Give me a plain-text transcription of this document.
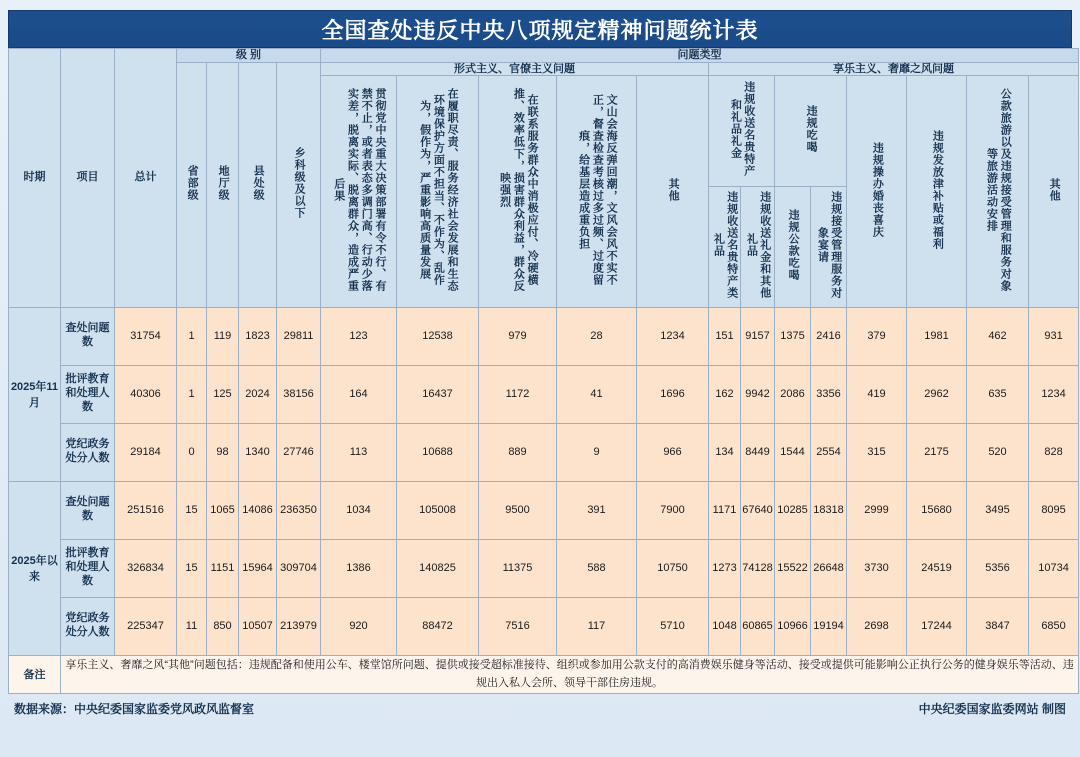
全国查处违反中央八项规定精神问题统计表
时期	项目	总计	级 别				问题类型												
			省部级	地厅级	县处级	乡科级及以下	形式主义、官僚主义问题					享乐主义、奢靡之风问题							
							贯彻党中央重大决策部署有令不行、有禁不止，或者表态多调门高、行动少落实差，脱离实际、脱离群众，造成严重后果	在履职尽责、服务经济社会发展和生态环境保护方面不担当、不作为、乱作为，假作为，严重影响高质量发展	在联系服务群众中消极应付、冷硬横推、效率低下，损害群众利益，群众反映强烈	文山会海反弹回潮，文风会风不实不正，督查检查考核过多过频、过度留痕，给基层造成重负担	其他	违规收送名贵特产和礼品礼金		违规吃喝		违规操办婚丧喜庆	违规发放津补贴或福利	公款旅游以及违规接受管理和服务对象等旅游活动安排	其他
												违规收送名贵特产类礼品	违规收送礼金和其他礼品	违规公款吃喝	违规接受管理服务对象宴请				
2025年11月	查处问题数	31754	1	119	1823	29811	123	12538	979	28	1234	151	9157	1375	2416	379	1981	462	931
	批评教育和处理人数	40306	1	125	2024	38156	164	16437	1172	41	1696	162	9942	2086	3356	419	2962	635	1234
	党纪政务处分人数	29184	0	98	1340	27746	113	10688	889	9	966	134	8449	1544	2554	315	2175	520	828
2025年以来	查处问题数	251516	15	1065	14086	236350	1034	105008	9500	391	7900	1171	67640	10285	18318	2999	15680	3495	8095
	批评教育和处理人数	326834	15	1151	15964	309704	1386	140825	11375	588	10750	1273	74128	15522	26648	3730	24519	5356	10734
	党纪政务处分人数	225347	11	850	10507	213979	920	88472	7516	117	5710	1048	60865	10966	19194	2698	17244	3847	6850
备注	享乐主义、奢靡之风“其他”问题包括：违规配备和使用公车、楼堂馆所问题、提供或接受超标准接待、组织或参加用公款支付的高消费娱乐健身等活动、接受或提供可能影响公正执行公务的健身娱乐等活动、违规出入私人会所、领导干部住房违规。																		
数据来源：中央纪委国家监委党风政风监督室	中央纪委国家监委网站 制图
